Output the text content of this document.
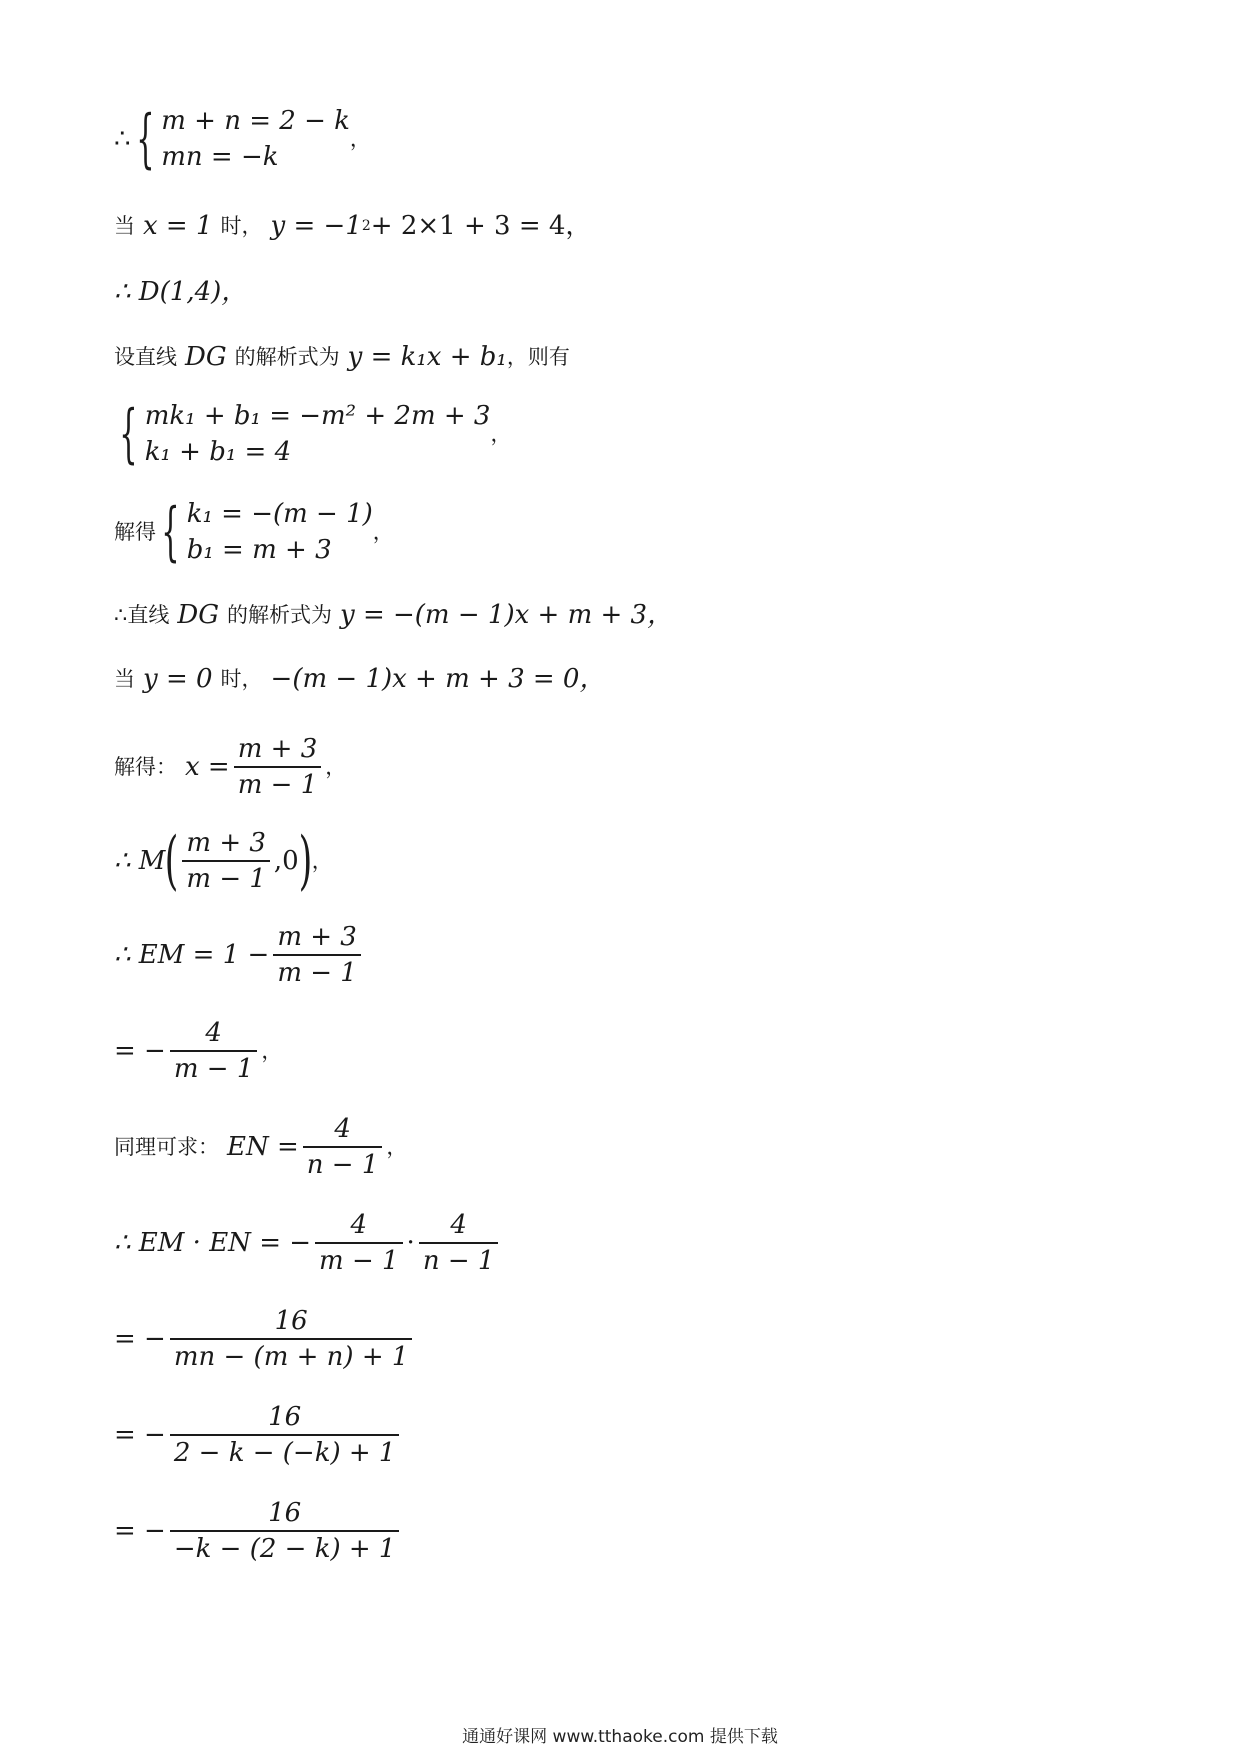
∴ { m + n = 2 − k
mn = −k
，
当 x = 1 时， y = −1 2 + 2×1 + 3 = 4，
∴ D(1,4)，
设直线 DG 的解析式为 y = k₁x + b₁ ，则有
{ mk₁ + b₁ = −m² + 2m + 3
k₁ + b₁ = 4
，
解得 { k₁ = −(m − 1)
b₁ = m + 3
，
∴直线 DG 的解析式为 y = −(m − 1)x + m + 3，
当 y = 0 时， −(m − 1)x + m + 3 = 0，
解得： $x = \frac{m + 3}{m - 1}$ ，
∴ M ( $\frac{m + 3}{m - 1} ,0$ ) ，
∴ EM = $1 - \frac{m + 3}{m - 1}$
= − $\frac{4}{m - 1}$ ，
同理可求： EN = $\frac{4}{n - 1}$ ，
∴ EM · EN = − $\frac{4}{m - 1} \cdot \frac{4}{n - 1}$
= − $\frac{16}{mn - (m + n) + 1}$
= − $\frac{16}{2 - k - (-k) + 1}$
= − $\frac{16}{-k - (2 - k) + 1}$
通通好课网 www.tthaoke.com 提供下载
